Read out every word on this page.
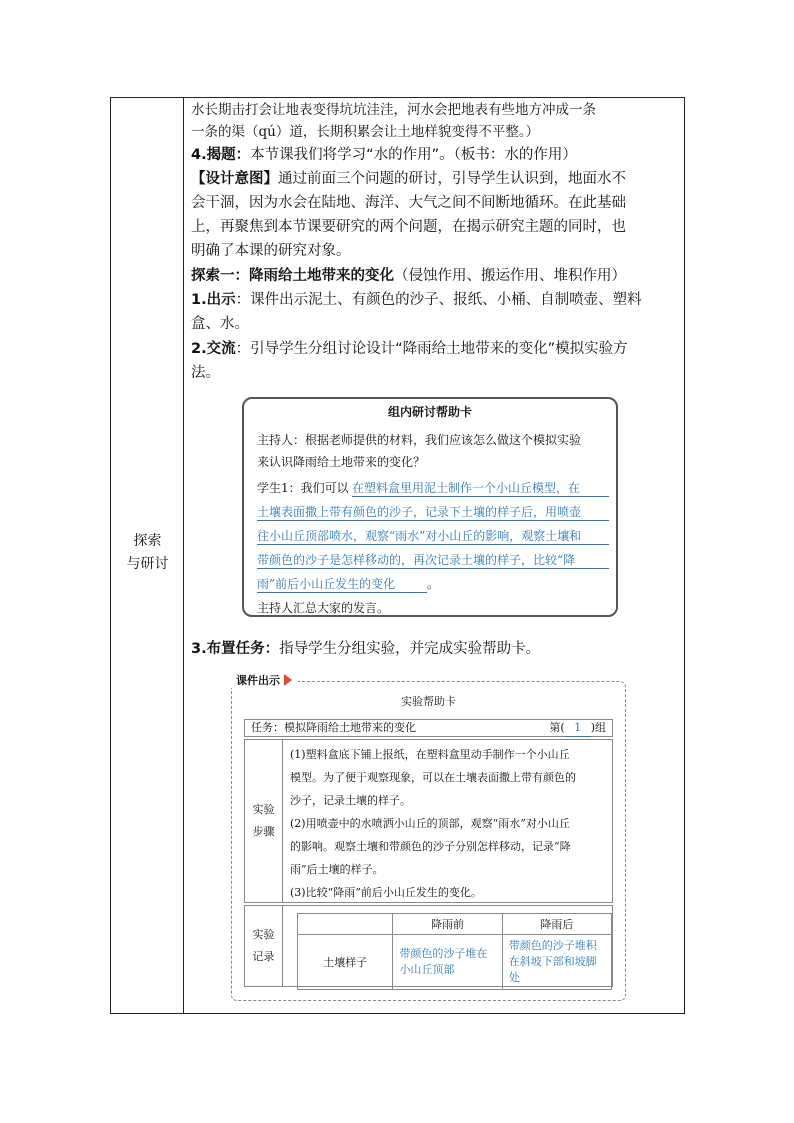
探索
与研讨
水长期击打会让地表变得坑坑洼洼，河水会把地表有些地方冲成一条
一条的渠（qú）道，长期积累会让土地样貌变得不平整。）
4.揭题：本节课我们将学习“水的作用”。（板书：水的作用）
【设计意图】通过前面三个问题的研讨，引导学生认识到，地面水不
会干涸，因为水会在陆地、海洋、大气之间不间断地循环。在此基础
上，再聚焦到本节课要研究的两个问题，在揭示研究主题的同时，也
明确了本课的研究对象。
探索一：降雨给土地带来的变化（侵蚀作用、搬运作用、堆积作用）
1.出示：课件出示泥土、有颜色的沙子、报纸、小桶、自制喷壶、塑料
盒、水。
2.交流：引导学生分组讨论设计“降雨给土地带来的变化”模拟实验方
法。
3.布置任务：指导学生分组实验，并完成实验帮助卡。
组内研讨帮助卡
主持人：根据老师提供的材料，我们应该怎么做这个模拟实验
来认识降雨给土地带来的变化？
学生1：我们可以 在塑料盒里用泥土制作一个小山丘模型，在
土壤表面撒上带有颜色的沙子，记录下土壤的样子后，用喷壶
往小山丘顶部喷水，观察“雨水”对小山丘的影响，观察土壤和
带颜色的沙子是怎样移动的，再次记录土壤的样子，比较“降
雨”前后小山丘发生的变化	。
主持人汇总大家的发言。
课件出示
实验帮助卡
任务：模拟降雨给土地带来的变化	第( 1 )组
实验
步骤
(1)塑料盒底下铺上报纸，在塑料盒里动手制作一个小山丘
模型。为了便于观察现象，可以在土壤表面撒上带有颜色的
沙子，记录土壤的样子。
(2)用喷壶中的水喷洒小山丘的顶部，观察“雨水”对小山丘
的影响。观察土壤和带颜色的沙子分别怎样移动，记录“降
雨”后土壤的样子。
(3)比较“降雨”前后小山丘发生的变化。
实验
记录
	降雨前	降雨后
土壤样子	带颜色的沙子堆在小山丘顶部	带颜色的沙子堆积在斜坡下部和坡脚处
